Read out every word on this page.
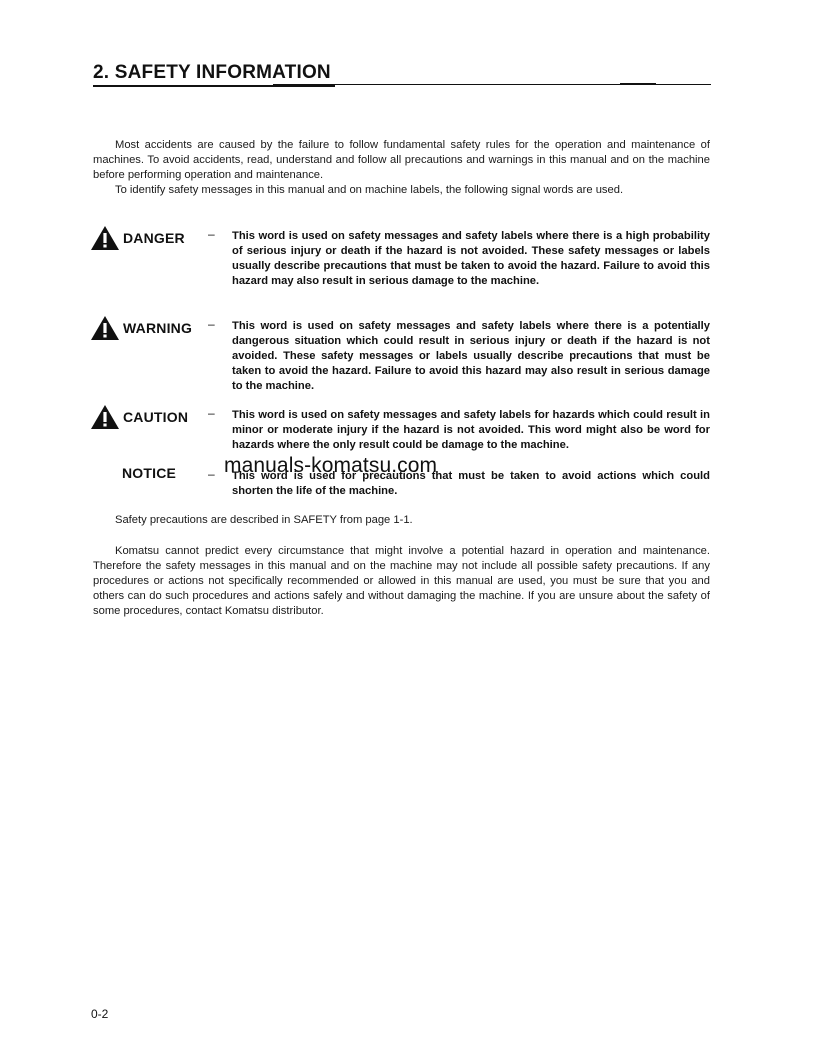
2. SAFETY INFORMATION

Most accidents are caused by the failure to follow fundamental safety rules for the operation and maintenance of machines. To avoid accidents, read, understand and follow all precautions and warnings in this manual and on the machine before performing operation and maintenance.

To identify safety messages in this manual and on machine labels, the following signal words are used.

DANGER – This word is used on safety messages and safety labels where there is a high probability of serious injury or death if the hazard is not avoided. These safety messages or labels usually describe precautions that must be taken to avoid the hazard. Failure to avoid this hazard may also result in serious damage to the machine.

WARNING – This word is used on safety messages and safety labels where there is a potentially dangerous situation which could result in serious injury or death if the hazard is not avoided. These safety messages or labels usually describe precautions that must be taken to avoid the hazard. Failure to avoid this hazard may also result in serious damage to the machine.

CAUTION – This word is used on safety messages and safety labels for hazards which could result in minor or moderate injury if the hazard is not avoided. This word might also be word for hazards where the only result could be damage to the machine.

NOTICE	– This word is used for precautions that must be taken to avoid actions which could shorten the life of the machine.

manuals-komatsu.com

Safety precautions are described in SAFETY from page 1-1.

Komatsu cannot predict every circumstance that might involve a potential hazard in operation and maintenance. Therefore the safety messages in this manual and on the machine may not include all possible safety precautions. If any procedures or actions not specifically recommended or allowed in this manual are used, you must be sure that you and others can do such procedures and actions safely and without damaging the machine. If you are unsure about the safety of some procedures, contact Komatsu distributor.

0-2
